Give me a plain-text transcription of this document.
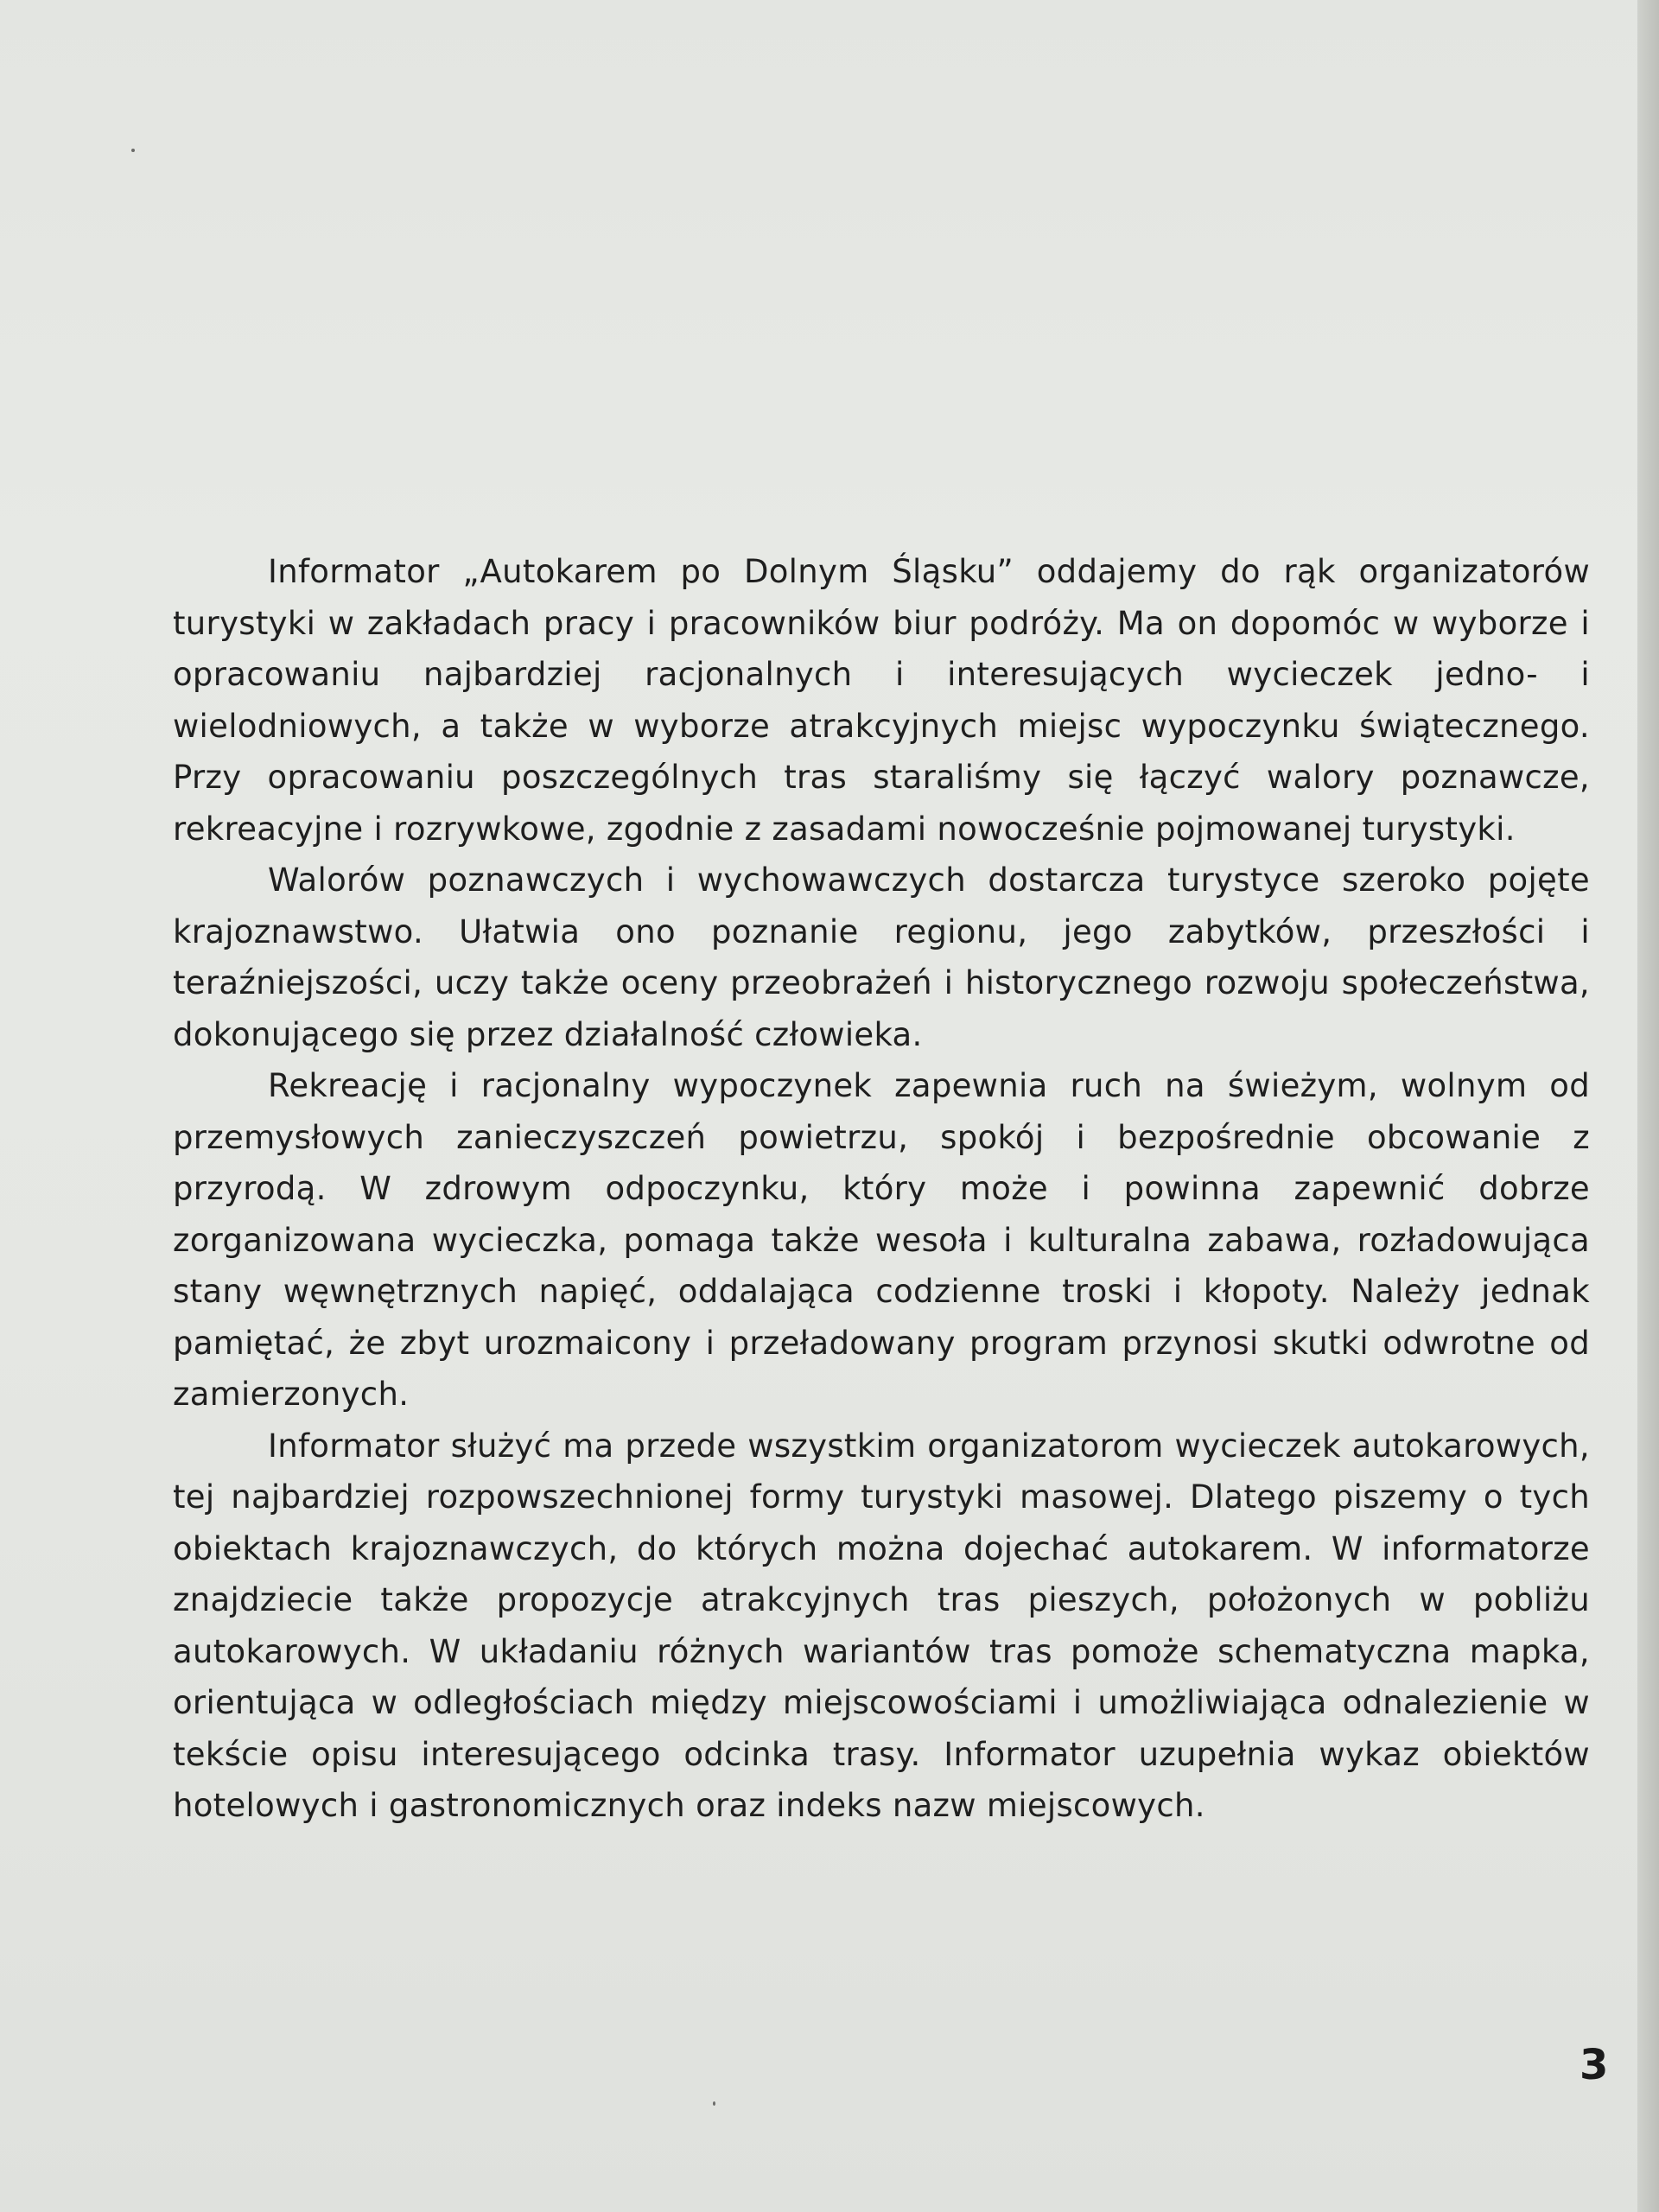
Informator „Autokarem po Dolnym Śląsku” oddajemy do rąk organizatorów turystyki w zakładach pracy i pracowników biur podróży. Ma on dopomóc w wyborze i opracowaniu najbardziej racjonalnych i interesujących wycieczek jedno- i wielodniowych, a także w wyborze atrakcyjnych miejsc wypoczynku świątecznego. Przy opracowaniu poszczególnych tras staraliśmy się łączyć walory poznawcze, rekreacyjne i rozrywkowe, zgodnie z zasadami nowocześnie pojmowanej turystyki.

Walorów poznawczych i wychowawczych dostarcza turystyce szeroko pojęte krajoznawstwo. Ułatwia ono poznanie regionu, jego zabytków, przeszłości i teraźniejszości, uczy także oceny przeobrażeń i historycznego rozwoju społeczeństwa, dokonującego się przez działalność człowieka.

Rekreację i racjonalny wypoczynek zapewnia ruch na świeżym, wolnym od przemysłowych zanieczyszczeń powietrzu, spokój i bezpośrednie obcowanie z przyrodą. W zdrowym odpoczynku, który może i powinna zapewnić dobrze zorganizowana wycieczka, pomaga także wesoła i kulturalna zabawa, rozładowująca stany węwnętrznych napięć, oddalająca codzienne troski i kłopoty. Należy jednak pamiętać, że zbyt urozmaicony i przeładowany program przynosi skutki odwrotne od zamierzonych.

Informator służyć ma przede wszystkim organizatorom wycieczek autokarowych, tej najbardziej rozpowszechnionej formy turystyki masowej. Dlatego piszemy o tych obiektach krajoznawczych, do których można dojechać autokarem. W informatorze znajdziecie także propozycje atrakcyjnych tras pieszych, położonych w pobliżu autokarowych. W układaniu różnych wariantów tras pomoże schematyczna mapka, orientująca w odległościach między miejscowościami i umożliwiająca odnalezienie w tekście opisu interesującego odcinka trasy. Informator uzupełnia wykaz obiektów hotelowych i gastronomicznych oraz indeks nazw miejscowych.

3
